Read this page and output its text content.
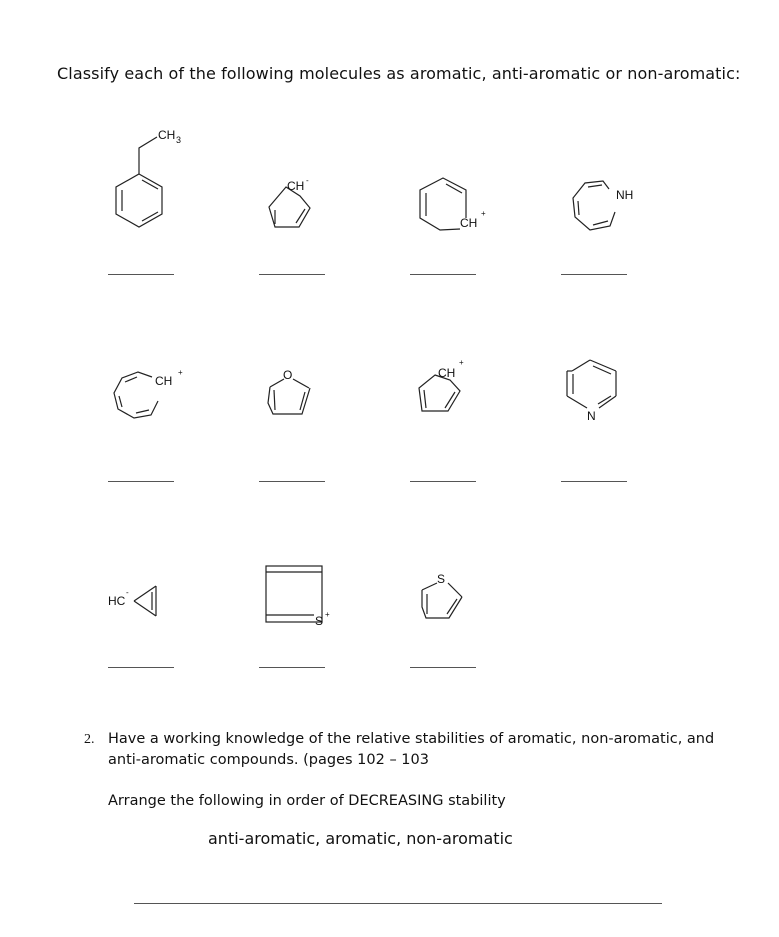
Classify each of the following molecules as aromatic, anti-aromatic or non-aromatic:
CH 3
CH -
CH
+
NH
CH
+	O	CH
+
N
HC
-
S +
S
2. Have a working knowledge of the relative stabilities of aromatic, non-aromatic, and anti-aromatic compounds. (pages 102 – 103
Arrange the following in order of DECREASING stability
anti-aromatic, aromatic, non-aromatic
